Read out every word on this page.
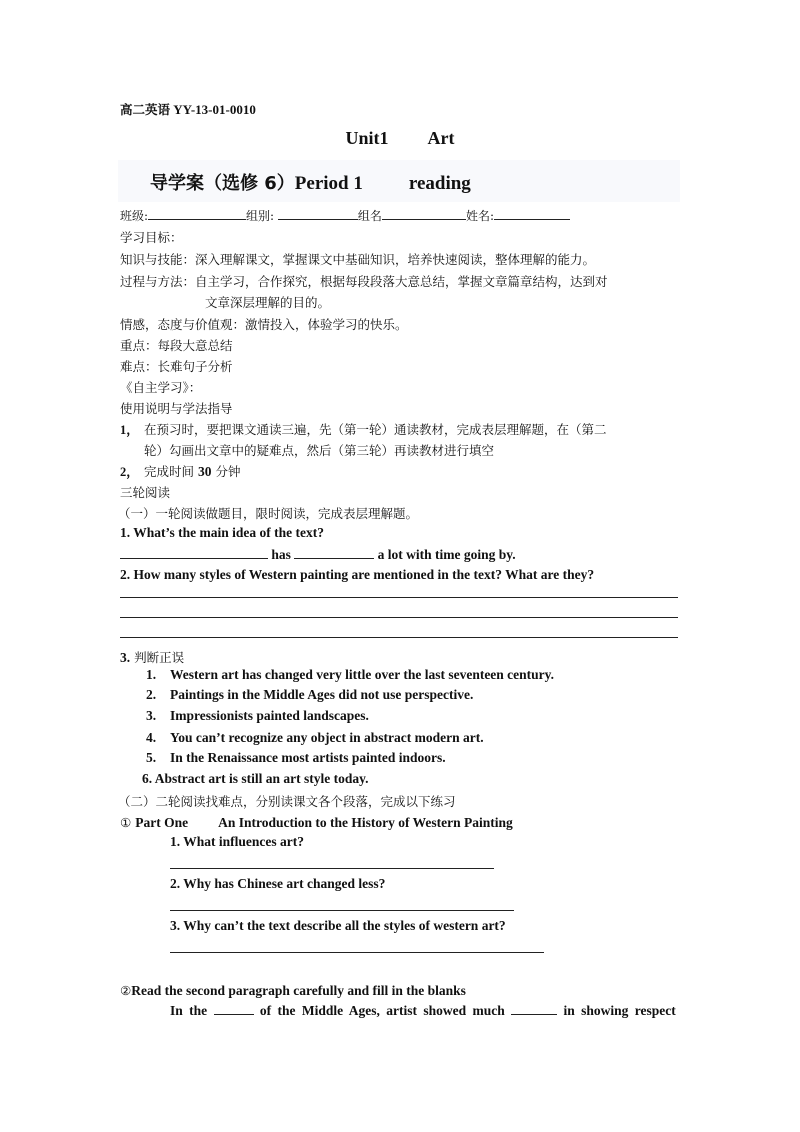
高二英语 YY-13-01-0010
Unit1 Art
导学案（选修 6）Period 1 reading
班级:	组别:	组名	姓名:
学习目标：
知识与技能：深入理解课文，掌握课文中基础知识，培养快速阅读，整体理解的能力。
过程与方法：自主学习，合作探究，根据每段段落大意总结，掌握文章篇章结构，达到对
文章深层理解的目的。
情感，态度与价值观：激情投入，体验学习的快乐。
重点：每段大意总结
难点：长难句子分析
《自主学习》：
使用说明与学法指导
1， 在预习时，要把课文通读三遍，先（第一轮）通读教材，完成表层理解题，在（第二
轮）勾画出文章中的疑难点，然后（第三轮）再读教材进行填空
2， 完成时间 30 分钟
三轮阅读
（一）一轮阅读做题目，限时阅读，完成表层理解题。
1. What’s the main idea of the text?
has	a lot with time going by.
2. How many styles of Western painting are mentioned in the text? What are they?
3. 判断正误
1. Western art has changed very little over the last seventeen century.
2. Paintings in the Middle Ages did not use perspective.
3. Impressionists painted landscapes.
4. You can’t recognize any object in abstract modern art.
5. In the Renaissance most artists painted indoors.
6. Abstract art is still an art style today.
（二）二轮阅读找难点，分别读课文各个段落，完成以下练习
① Part One An Introduction to the History of Western Painting
1. What influences art?
2. Why has Chinese art changed less?
3. Why can’t the text describe all the styles of western art?
②Read the second paragraph carefully and fill in the blanks
In the	of the Middle Ages, artist showed much	in showing respect
